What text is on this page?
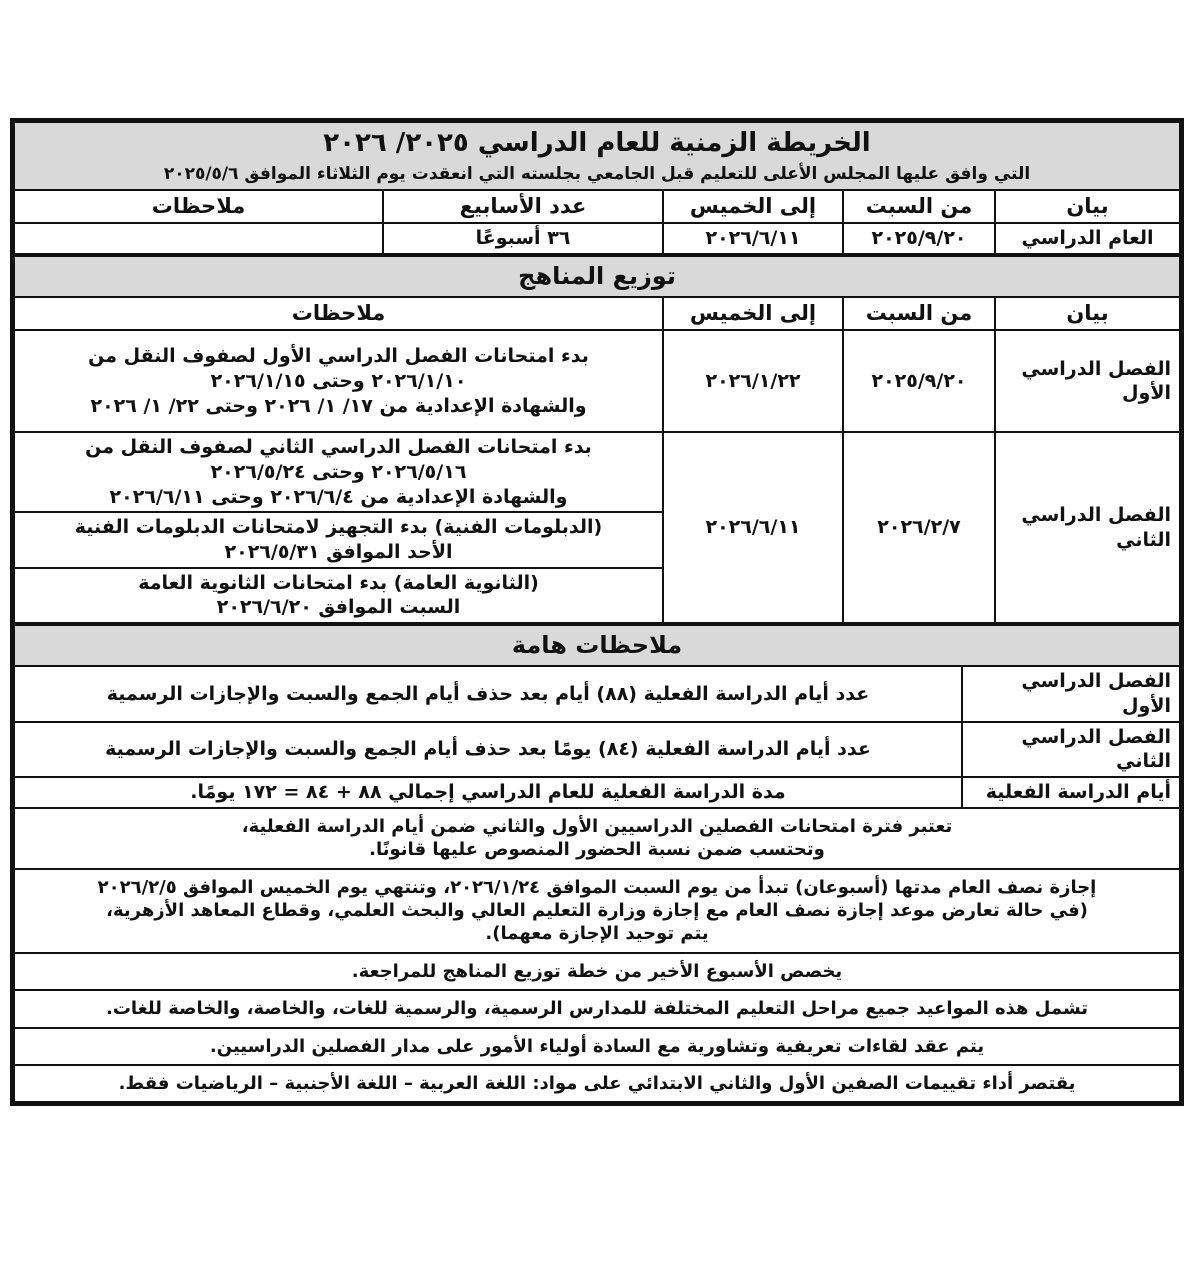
الخريطة الزمنية للعام الدراسي ٢٠٢٥/ ٢٠٢٦
التي وافق عليها المجلس الأعلى للتعليم قبل الجامعي بجلسته التي انعقدت يوم الثلاثاء الموافق ٢٠٢٥/٥/٦				

بيان	من السبت	إلى الخميس	عدد الأسابيع	ملاحظات
العام الدراسي	٢٠٢٥/٩/٢٠	٢٠٢٦/٦/١١	٣٦ أسبوعًا	
توزيع المناهج			
بيان	من السبت	إلى الخميس	ملاحظات
الفصل الدراسي الأول	٢٠٢٥/٩/٢٠	٢٠٢٦/١/٢٢	بدء امتحانات الفصل الدراسي الأول لصفوف النقل من
٢٠٢٦/١/١٠ وحتى ٢٠٢٦/١/١٥
والشهادة الإعدادية من ١٧/ ١/ ٢٠٢٦ وحتى ٢٢/ ١/ ٢٠٢٦

الفصل الدراسي الثاني	٢٠٢٦/٢/٧	٢٠٢٦/٦/١١	بدء امتحانات الفصل الدراسي الثاني لصفوف النقل من
٢٠٢٦/٥/١٦ وحتى ٢٠٢٦/٥/٢٤
والشهادة الإعدادية من ٢٠٢٦/٦/٤ وحتى ٢٠٢٦/٦/١١

			(الدبلومات الفنية) بدء التجهيز لامتحانات الدبلومات الفنية
الأحد الموافق ٢٠٢٦/٥/٣١

			(الثانوية العامة) بدء امتحانات الثانوية العامة
السبت الموافق ٢٠٢٦/٦/٢٠
ملاحظات هامة	
الفصل الدراسي الأول	عدد أيام الدراسة الفعلية (٨٨) أيام بعد حذف أيام الجمع والسبت والإجازات الرسمية
الفصل الدراسي الثاني	عدد أيام الدراسة الفعلية (٨٤) يومًا بعد حذف أيام الجمع والسبت والإجازات الرسمية
أيام الدراسة الفعلية	مدة الدراسة الفعلية للعام الدراسي إجمالي ٨٨ + ٨٤ = ١٧٢ يومًا.

تعتبر فترة امتحانات الفصلين الدراسيين الأول والثاني ضمن أيام الدراسة الفعلية،
وتحتسب ضمن نسبة الحضور المنصوص عليها قانونًا.	

إجازة نصف العام مدتها (أسبوعان) تبدأ من يوم السبت الموافق ٢٠٢٦/١/٢٤، وتنتهي يوم الخميس الموافق ٢٠٢٦/٢/٥
(في حالة تعارض موعد إجازة نصف العام مع إجازة وزارة التعليم العالي والبحث العلمي، وقطاع المعاهد الأزهرية،
يتم توحيد الإجازة معهما).	

يخصص الأسبوع الأخير من خطة توزيع المناهج للمراجعة.	
تشمل هذه المواعيد جميع مراحل التعليم المختلفة للمدارس الرسمية، والرسمية للغات، والخاصة، والخاصة للغات.	
يتم عقد لقاءات تعريفية وتشاورية مع السادة أولياء الأمور على مدار الفصلين الدراسيين.	
يقتصر أداء تقييمات الصفين الأول والثاني الابتدائي على مواد: اللغة العربية – اللغة الأجنبية – الرياضيات فقط.	
